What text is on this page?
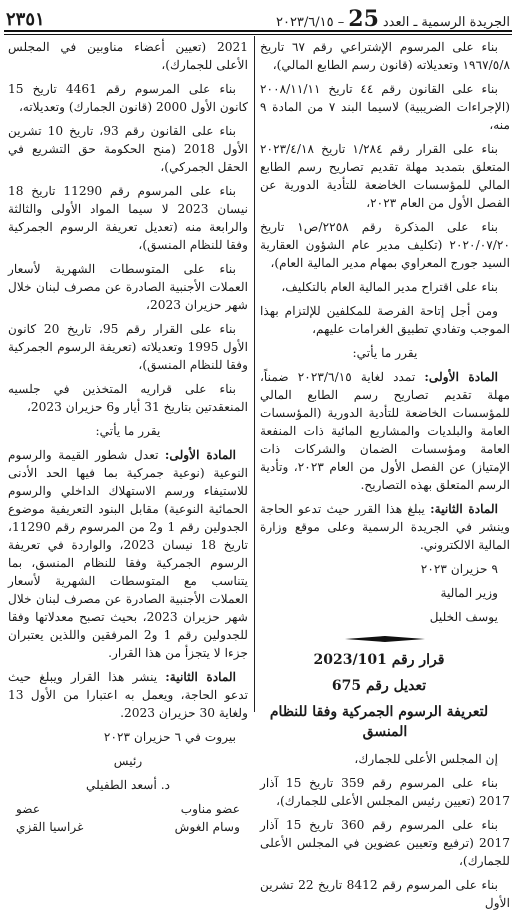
٢٣٥١	الجريدة الرسمية ـ العدد
25
– ٢٠٢٣/٦/١٥

بناء على المرسوم الإشتراعي رقم ٦٧ تاريخ ١٩٦٧/٥/٨ وتعديلاته (قانون رسم الطابع المالي)،

بناء على القانون رقم ٤٤ تاريخ ٢٠٠٨/١١/١١ (الإجراءات الضريبية) لاسيما البند ٧ من المادة ٩ منه،

بناء على القرار رقم ١/٢٨٤ تاريخ ٢٠٢٣/٤/١٨ المتعلق بتمديد مهلة تقديم تصاريح رسم الطابع المالي للمؤسسات الخاضعة للتأدية الدورية عن الفصل الأول من العام ٢٠٢٣،

بناء على المذكرة رقم ٢٢٥٨/ص١ تاريخ ٢٠٢٠/٠٧/٢٠ (تكليف مدير عام الشؤون العقارية السيد جورج المعراوي بمهام مدير المالية العام)،

بناء على اقتراح مدير المالية العام بالتكليف،

ومن أجل إتاحة الفرصة للمكلفين للإلتزام بهذا الموجب وتفادي تطبيق الغرامات عليهم،

يقرر ما يأتي:

المادة الأولى: تمدد لغاية ٢٠٢٣/٦/١٥ ضمناً، مهلة تقديم تصاريح رسم الطابع المالي للمؤسسات الخاضعة للتأدية الدورية (المؤسسات العامة والبلديات والمشاريع المائية ذات المنفعة العامة ومؤسسات الضمان والشركات ذات الإمتياز) عن الفصل الأول من العام ٢٠٢٣، وتأدية الرسم المتعلق بهذه التصاريح.

المادة الثانية: يبلغ هذا القرر حيث تدعو الحاجة وينشر في الجريدة الرسمية وعلى موقع وزارة المالية الالكتروني.

٩ حزيران ٢٠٢٣

وزير المالية

يوسف الخليل

قرار رقم 2023/101

تعديل رقم 675

لتعريفة الرسوم الجمركية وفقا للنظام المنسق

إن المجلس الأعلى للجمارك،

بناء على المرسوم رقم 359 تاريخ 15 آذار 2017 (تعيين رئيس المجلس الأعلى للجمارك)،

بناء على المرسوم رقم 360 تاريخ 15 آذار 2017 (ترفيع وتعيين عضوين في المجلس الأعلى للجمارك)،

بناء على المرسوم رقم 8412 تاريخ 22 تشرين الأول

2021 (تعيين أعضاء مناوبين في المجلس الأعلى للجمارك)،

بناء على المرسوم رقم 4461 تاريخ 15 كانون الأول 2000 (قانون الجمارك) وتعديلاته،

بناء على القانون رقم 93، تاريخ 10 تشرين الأول 2018 (منح الحكومة حق التشريع في الحقل الجمركي)،

بناء على المرسوم رقم 11290 تاريخ 18 نيسان 2023 لا سيما المواد الأولى والثالثة والرابعة منه (تعديل تعريفة الرسوم الجمركية وفقا للنظام المنسق)،

بناء على المتوسطات الشهرية لأسعار العملات الأجنبية الصادرة عن مصرف لبنان خلال شهر حزيران 2023،

بناء على القرار رقم 95، تاريخ 20 كانون الأول 1995 وتعديلاته (تعريفة الرسوم الجمركية وفقا للنظام المنسق)،

بناء على قراريه المتخذين في جلسيه المنعقدتين بتاريخ 31 أيار و6 حزيران 2023،

يقرر ما يأتي:

المادة الأولى: تعدل شطور القيمة والرسوم النوعية (نوعية جمركية بما فيها الحد الأدنى للاستيفاء ورسم الاستهلاك الداخلي والرسوم الحمائية النوعية) مقابل البنود التعريفية موضوع الجدولين رقم 1 و2 من المرسوم رقم 11290، تاريخ 18 نيسان 2023، والواردة في تعريفة الرسوم الجمركية وفقا للنظام المنسق، بما يتناسب مع المتوسطات الشهرية لأسعار العملات الأجنبية الصادرة عن مصرف لبنان خلال شهر حزيران 2023، بحيث تصبح معدلاتها وفقا للجدولين رقم 1 و2 المرفقين واللذين يعتبران جزءا لا يتجزأ من هذا القرار.

المادة الثانية: ينشر هذا القرار ويبلغ حيث تدعو الحاجة، ويعمل به اعتبارا من الأول 13 ولغاية 30 حزيران 2023.

بيروت في ٦ حزيران ٢٠٢٣

رئيس

د. أسعد الطفيلي

عضو مناوب
عضو
وسام الغوش
غراسيا القزي
